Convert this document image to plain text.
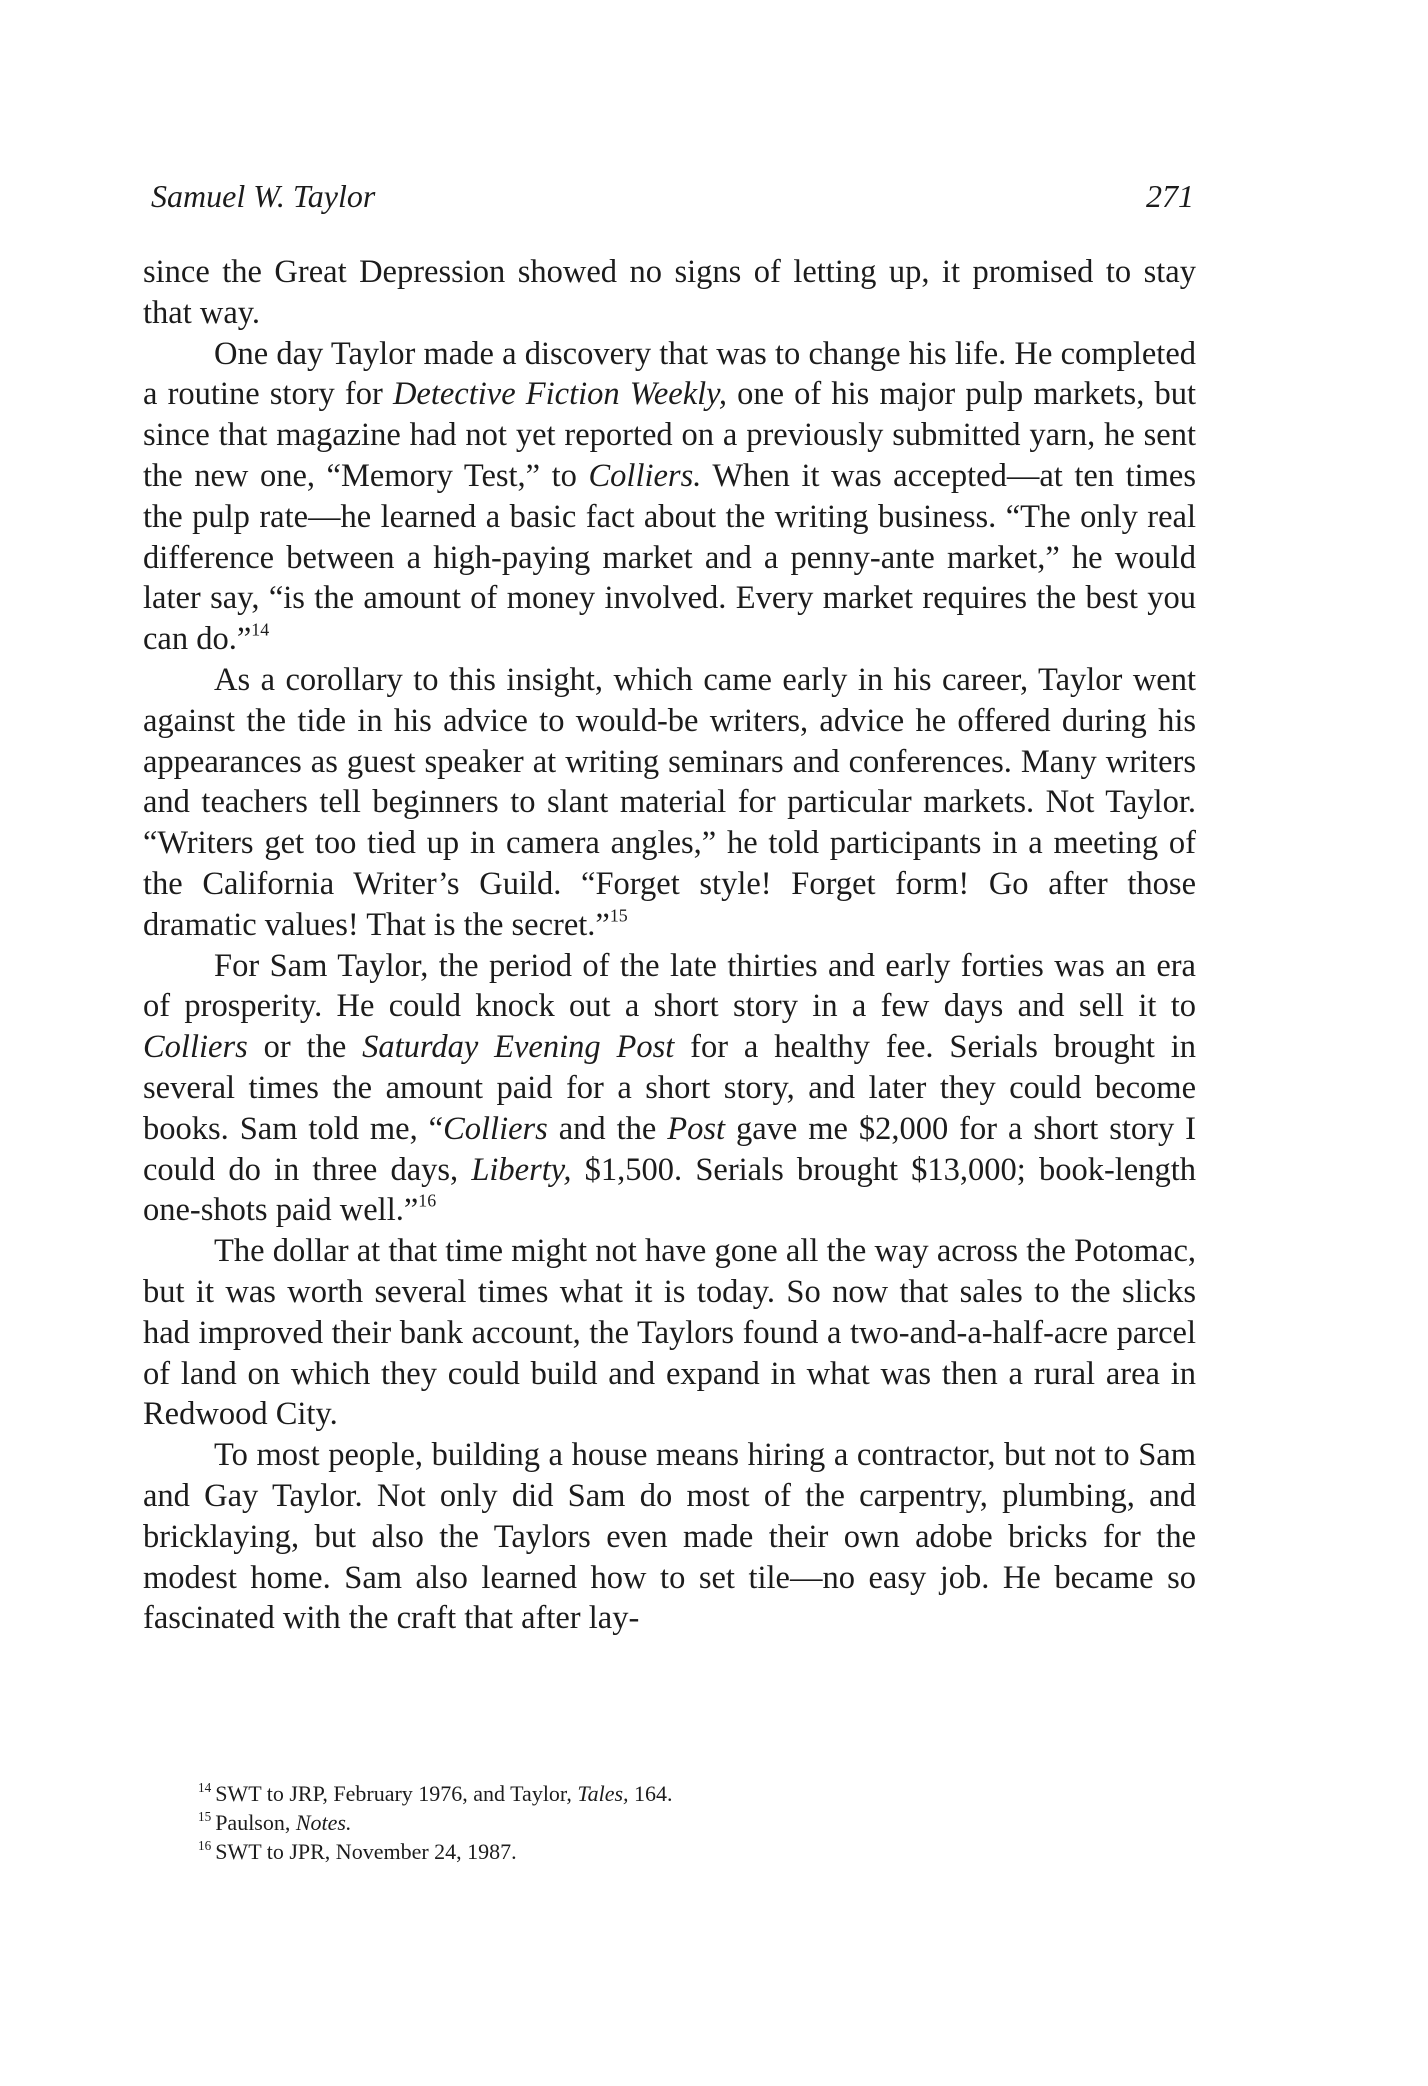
Samuel W. Taylor	271

since the Great Depression showed no signs of letting up, it promised to stay that way.

One day Taylor made a discovery that was to change his life. He completed a routine story for Detective Fiction Weekly, one of his major pulp markets, but since that magazine had not yet reported on a previously submitted yarn, he sent the new one, “Memory Test,” to Colliers. When it was accepted—at ten times the pulp rate—he learned a basic fact about the writing business. “The only real difference between a high-paying market and a penny-ante market,” he would later say, “is the amount of money involved. Every market requires the best you can do.”$^{14}$

As a corollary to this insight, which came early in his career, Taylor went against the tide in his advice to would-be writers, advice he offered during his appearances as guest speaker at writing seminars and conferences. Many writers and teachers tell beginners to slant material for particular markets. Not Taylor. “Writers get too tied up in camera angles,” he told participants in a meeting of the California Writer’s Guild. “Forget style! Forget form! Go after those dramatic values! That is the secret.”$^{15}$

For Sam Taylor, the period of the late thirties and early forties was an era of prosperity. He could knock out a short story in a few days and sell it to Colliers or the Saturday Evening Post for a healthy fee. Serials brought in several times the amount paid for a short story, and later they could become books. Sam told me, “Colliers and the Post gave me $2,000 for a short story I could do in three days, Liberty, $1,500. Serials brought $13,000; book-length one-shots paid well.”$^{16}$

The dollar at that time might not have gone all the way across the Potomac, but it was worth several times what it is today. So now that sales to the slicks had improved their bank account, the Taylors found a two-and-a-half-acre parcel of land on which they could build and expand in what was then a rural area in Redwood City.

To most people, building a house means hiring a contractor, but not to Sam and Gay Taylor. Not only did Sam do most of the carpentry, plumbing, and bricklaying, but also the Taylors even made their own adobe bricks for the modest home. Sam also learned how to set tile—no easy job. He became so fascinated with the craft that after lay-

$^{14}$ SWT to JRP, February 1976, and Taylor, Tales, 164.
$^{15}$ Paulson, Notes.
$^{16}$ SWT to JPR, November 24, 1987.
